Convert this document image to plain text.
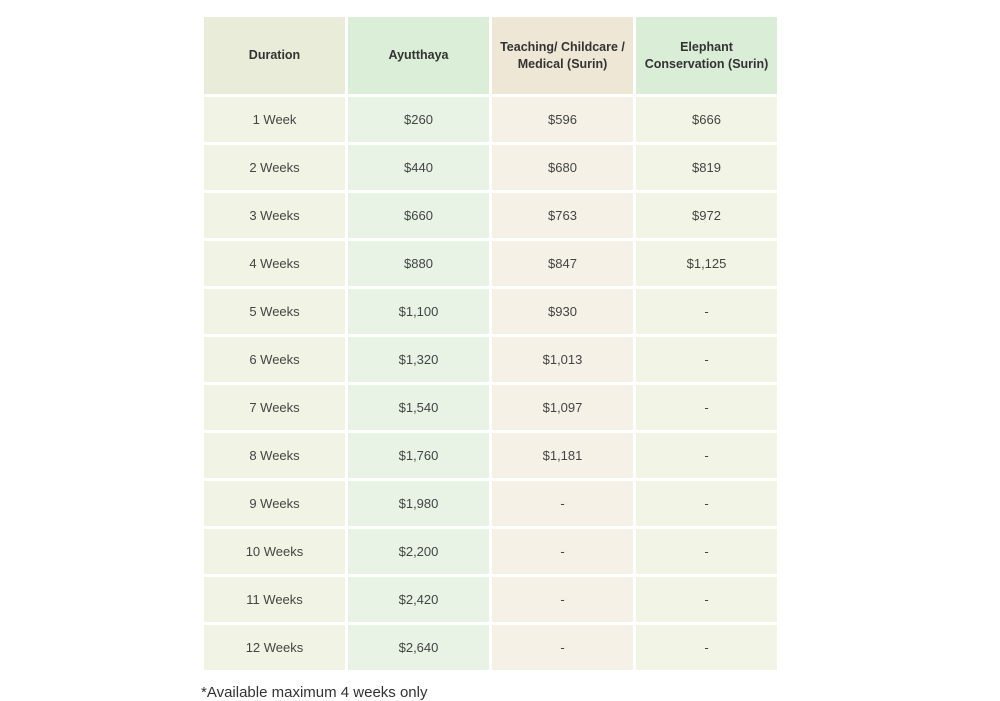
Duration	Ayutthaya	Teaching/ Childcare / Medical (Surin)	Elephant Conservation (Surin)
1 Week	$260	$596	$666
2 Weeks	$440	$680	$819
3 Weeks	$660	$763	$972
4 Weeks	$880	$847	$1,125
5 Weeks	$1,100	$930	-
6 Weeks	$1,320	$1,013	-
7 Weeks	$1,540	$1,097	-
8 Weeks	$1,760	$1,181	-
9 Weeks	$1,980	-	-
10 Weeks	$2,200	-	-
11 Weeks	$2,420	-	-
12 Weeks	$2,640	-	-
*Available maximum 4 weeks only
